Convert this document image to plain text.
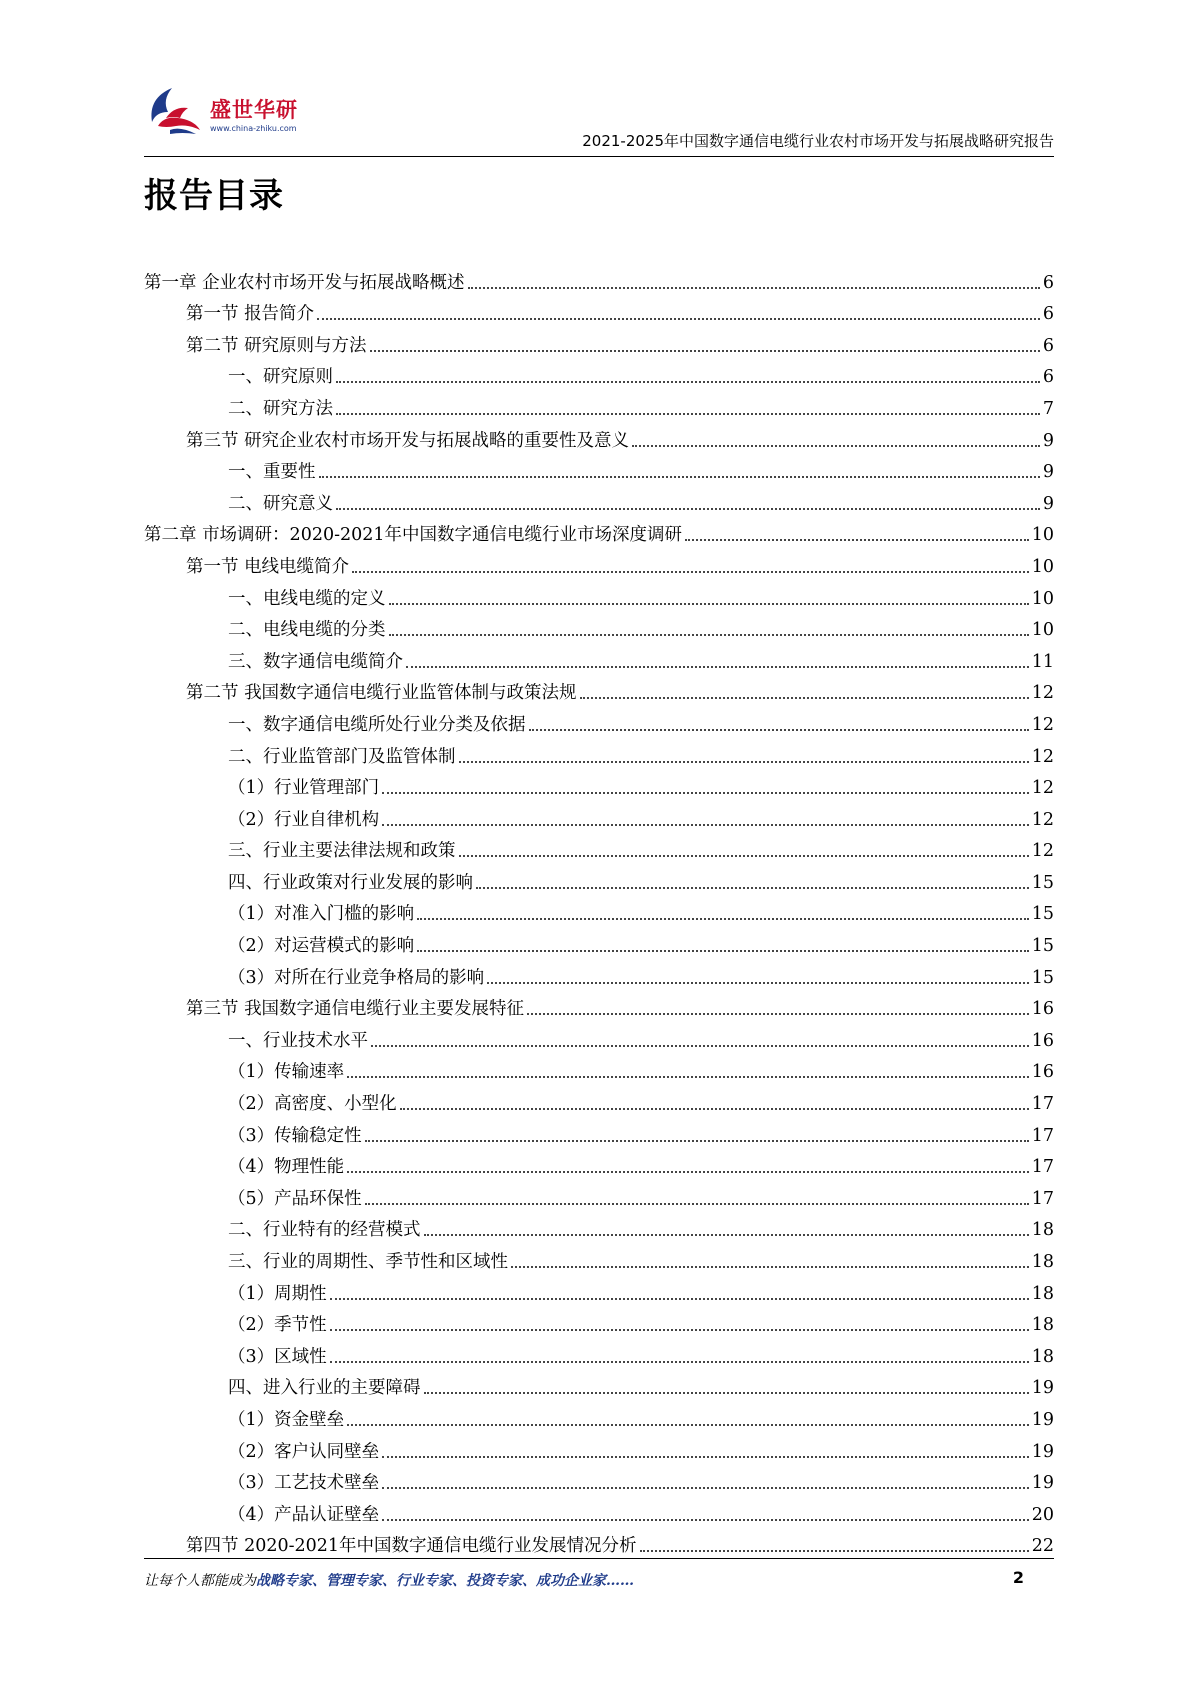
盛世华研
www.china-zhiku.com
2021-2025年中国数字通信电缆行业农村市场开发与拓展战略研究报告
报告目录
第一章 企业农村市场开发与拓展战略概述	6
第一节 报告简介	6
第二节 研究原则与方法	6
一、研究原则	6
二、研究方法	7
第三节 研究企业农村市场开发与拓展战略的重要性及意义	9
一、重要性	9
二、研究意义	9
第二章 市场调研：2020-2021年中国数字通信电缆行业市场深度调研	10
第一节 电线电缆简介	10
一、电线电缆的定义	10
二、电线电缆的分类	10
三、数字通信电缆简介	11
第二节 我国数字通信电缆行业监管体制与政策法规	12
一、数字通信电缆所处行业分类及依据	12
二、行业监管部门及监管体制	12
（1）行业管理部门	12
（2）行业自律机构	12
三、行业主要法律法规和政策	12
四、行业政策对行业发展的影响	15
（1）对准入门槛的影响	15
（2）对运营模式的影响	15
（3）对所在行业竞争格局的影响	15
第三节 我国数字通信电缆行业主要发展特征	16
一、行业技术水平	16
（1）传输速率	16
（2）高密度、小型化	17
（3）传输稳定性	17
（4）物理性能	17
（5）产品环保性	17
二、行业特有的经营模式	18
三、行业的周期性、季节性和区域性	18
（1）周期性	18
（2）季节性	18
（3）区域性	18
四、进入行业的主要障碍	19
（1）资金壁垒	19
（2）客户认同壁垒	19
（3）工艺技术壁垒	19
（4）产品认证壁垒	20
第四节 2020-2021年中国数字通信电缆行业发展情况分析	22
让每个人都能成为战略专家、管理专家、行业专家、投资专家、成功企业家……	2
